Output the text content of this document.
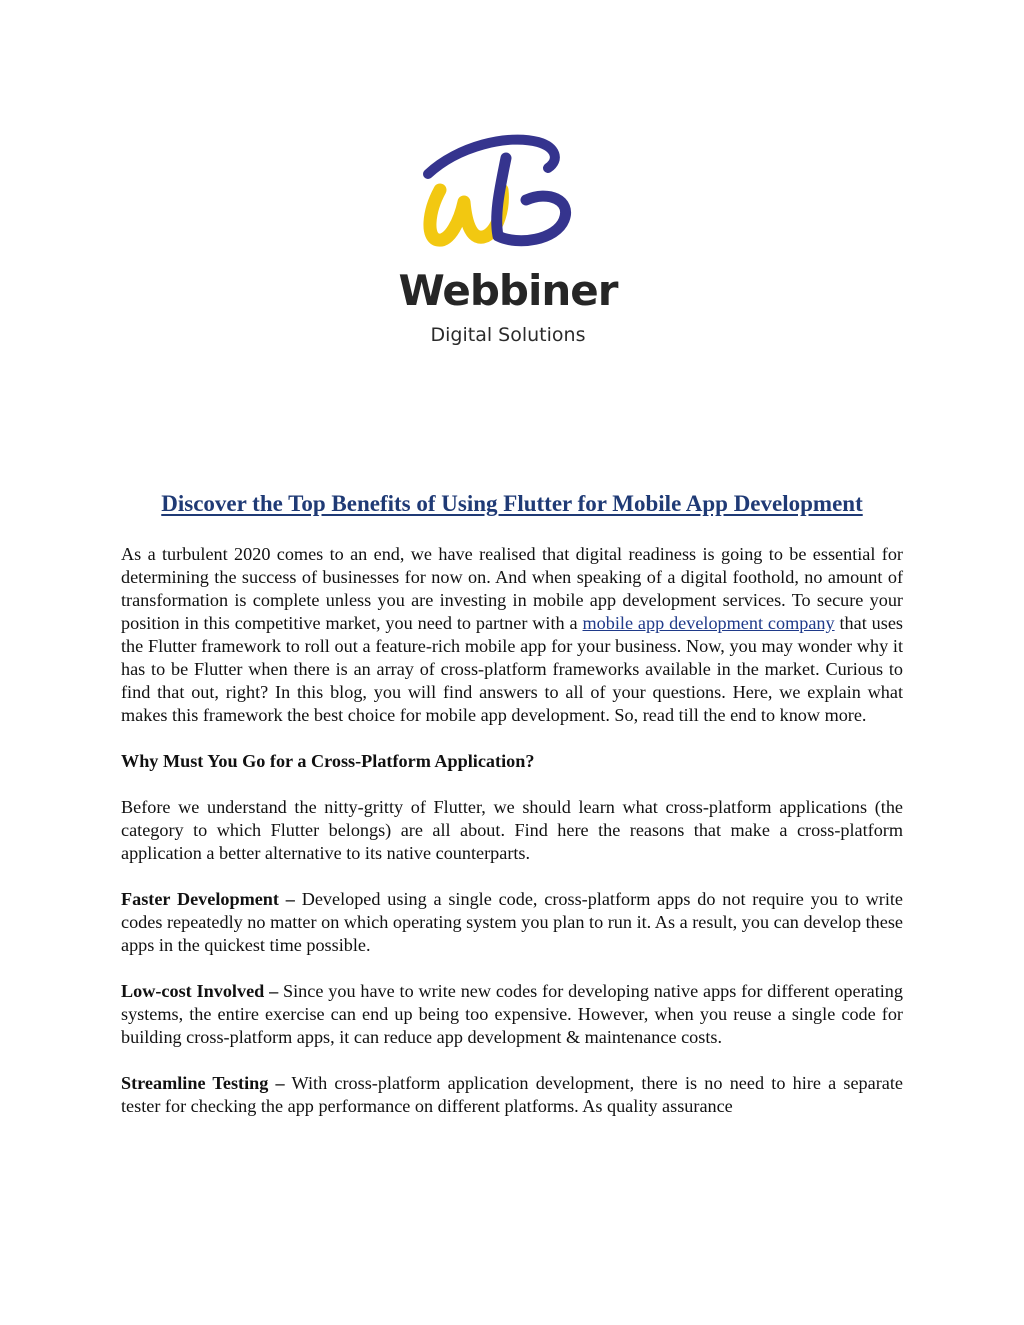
Webbiner
Digital Solutions
Discover the Top Benefits of Using Flutter for Mobile App Development

As a turbulent 2020 comes to an end, we have realised that digital readiness is going to be essential for determining the success of businesses for now on. And when speaking of a digital foothold, no amount of transformation is complete unless you are investing in mobile app development services. To secure your position in this competitive market, you need to partner with a mobile app development company that uses the Flutter framework to roll out a feature-rich mobile app for your business. Now, you may wonder why it has to be Flutter when there is an array of cross-platform frameworks available in the market. Curious to find that out, right? In this blog, you will find answers to all of your questions. Here, we explain what makes this framework the best choice for mobile app development. So, read till the end to know more.

Why Must You Go for a Cross-Platform Application?

Before we understand the nitty-gritty of Flutter, we should learn what cross-platform applications (the category to which Flutter belongs) are all about. Find here the reasons that make a cross-platform application a better alternative to its native counterparts.

Faster Development – Developed using a single code, cross-platform apps do not require you to write codes repeatedly no matter on which operating system you plan to run it. As a result, you can develop these apps in the quickest time possible.

Low-cost Involved – Since you have to write new codes for developing native apps for different operating systems, the entire exercise can end up being too expensive. However, when you reuse a single code for building cross-platform apps, it can reduce app development & maintenance costs.

Streamline Testing – With cross-platform application development, there is no need to hire a separate tester for checking the app performance on different platforms. As quality assurance
